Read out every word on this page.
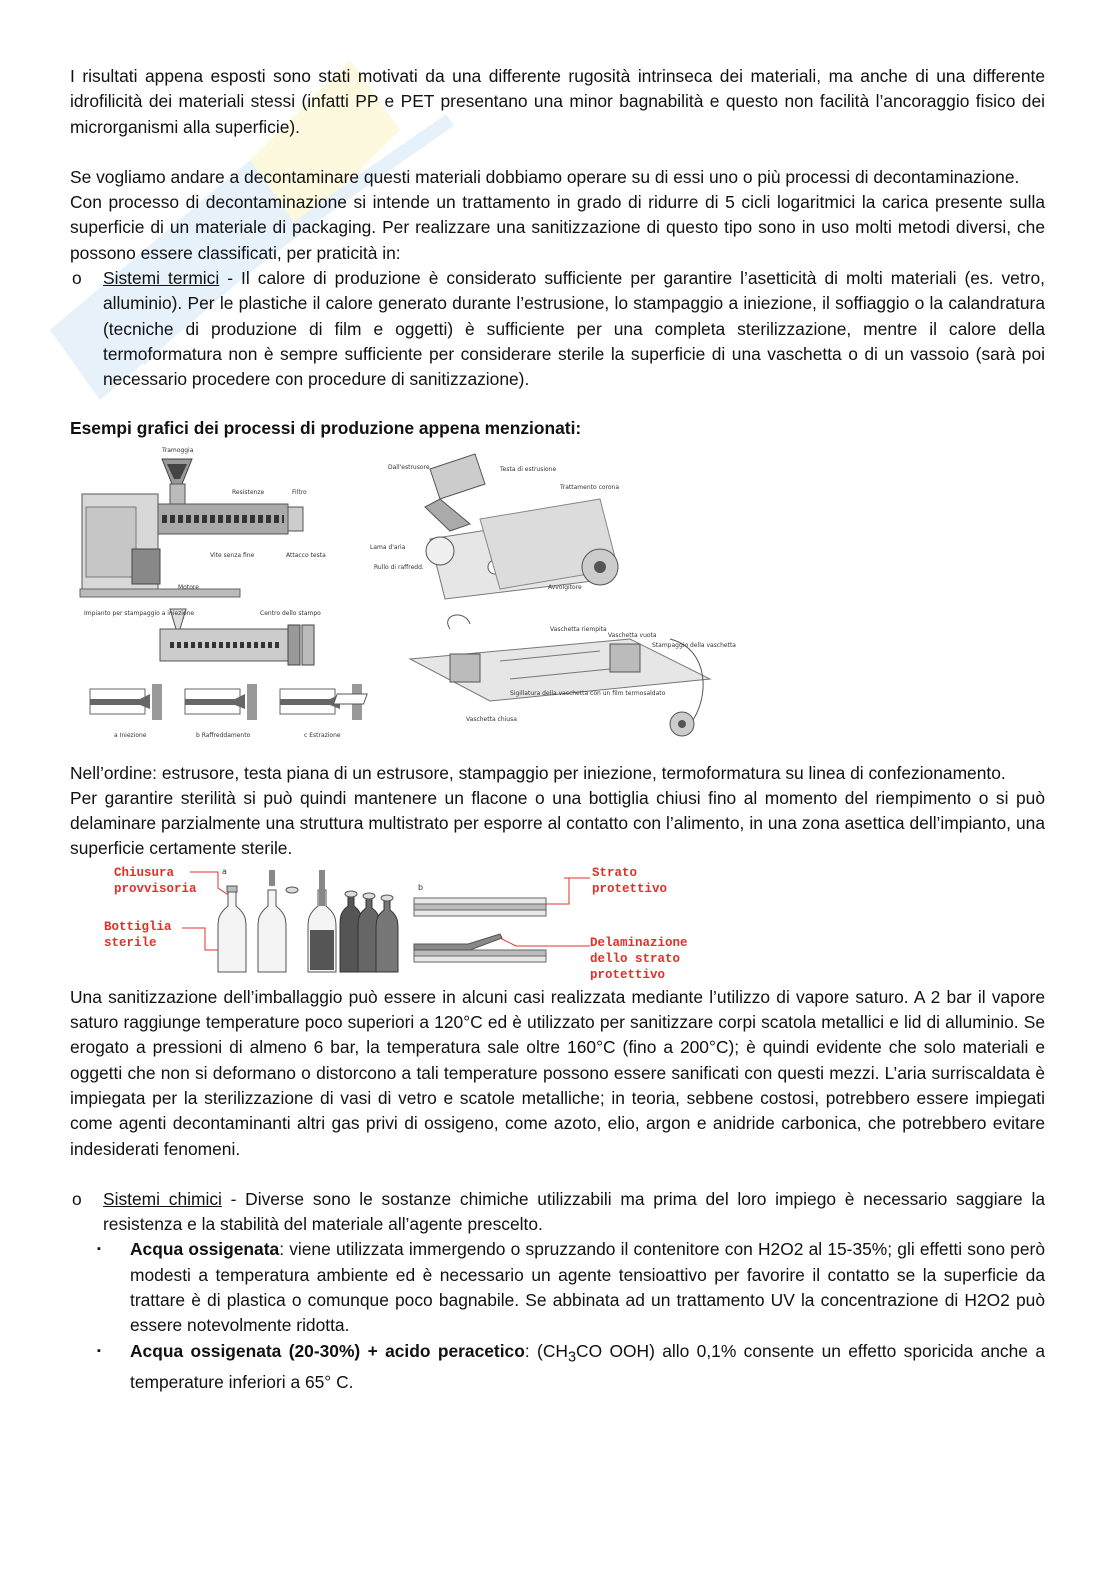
I risultati appena esposti sono stati motivati da una differente rugosità intrinseca dei materiali, ma anche di una differente idrofilicità dei materiali stessi (infatti PP e PET presentano una minor bagnabilità e questo non facilità l’ancoraggio fisico dei microrganismi alla superficie).

Se vogliamo andare a decontaminare questi materiali dobbiamo operare su di essi uno o più processi di decontaminazione.

Con processo di decontaminazione si intende un trattamento in grado di ridurre di 5 cicli logaritmici la carica presente sulla superficie di un materiale di packaging. Per realizzare una sanitizzazione di questo tipo sono in uso molti metodi diversi, che possono essere classificati, per praticità in:

o Sistemi termici - Il calore di produzione è considerato sufficiente per garantire l’asetticità di molti materiali (es. vetro, alluminio). Per le plastiche il calore generato durante l’estrusione, lo stampaggio a iniezione, il soffiaggio o la calandratura (tecniche di produzione di film e oggetti) è sufficiente per una completa sterilizzazione, mentre il calore della termoformatura non è sempre sufficiente per considerare sterile la superficie di una vaschetta o di un vassoio (sarà poi necessario procedere con procedure di sanitizzazione).

Esempi grafici dei processi di produzione appena menzionati:

Tramoggia
Resistenze	Filtro
Vite senza fine	Attacco testa
Motore
Dall'estrusore	Testa di estrusione
Trattamento corona
Lama d'aria
Rullo di raffredd.
Avvolgitore
Impianto per stampaggio a iniezione	Centro dello stampo
a Iniezione	b Raffreddamento	c Estrazione
Vaschetta riempita
Vaschetta vuota
Stampaggio della vaschetta
Sigillatura della vaschetta con un film termosaldato
Vaschetta chiusa

Nell’ordine: estrusore, testa piana di un estrusore, stampaggio per iniezione, termoformatura su linea di confezionamento.

Per garantire sterilità si può quindi mantenere un flacone o una bottiglia chiusi fino al momento del riempimento o si può delaminare parzialmente una struttura multistrato per esporre al contatto con l’alimento, in una zona asettica dell’impianto, una superficie certamente sterile.

Chiusura
provvisoria
a
Bottiglia
sterile
b
Strato
protettivo
Delaminazione
dello strato
protettivo

Una sanitizzazione dell’imballaggio può essere in alcuni casi realizzata mediante l’utilizzo di vapore saturo. A 2 bar il vapore saturo raggiunge temperature poco superiori a 120°C ed è utilizzato per sanitizzare corpi scatola metallici e lid di alluminio. Se erogato a pressioni di almeno 6 bar, la temperatura sale oltre 160°C (fino a 200°C); è quindi evidente che solo materiali e oggetti che non si deformano o distorcono a tali temperature possono essere sanificati con questi mezzi. L’aria surriscaldata è impiegata per la sterilizzazione di vasi di vetro e scatole metalliche; in teoria, sebbene costosi, potrebbero essere impiegati come agenti decontaminanti altri gas privi di ossigeno, come azoto, elio, argon e anidride carbonica, che potrebbero evitare indesiderati fenomeni.

o Sistemi chimici - Diverse sono le sostanze chimiche utilizzabili ma prima del loro impiego è necessario saggiare la resistenza e la stabilità del materiale all’agente prescelto.

▪ Acqua ossigenata: viene utilizzata immergendo o spruzzando il contenitore con H2O2 al 15-35%; gli effetti sono però modesti a temperatura ambiente ed è necessario un agente tensioattivo per favorire il contatto se la superficie da trattare è di plastica o comunque poco bagnabile. Se abbinata ad un trattamento UV la concentrazione di H2O2 può essere notevolmente ridotta.

▪ Acqua ossigenata (20-30%) + acido peracetico: ($CH_3CO$ OOH) allo 0,1% consente un effetto sporicida anche a temperature inferiori a 65° C.
